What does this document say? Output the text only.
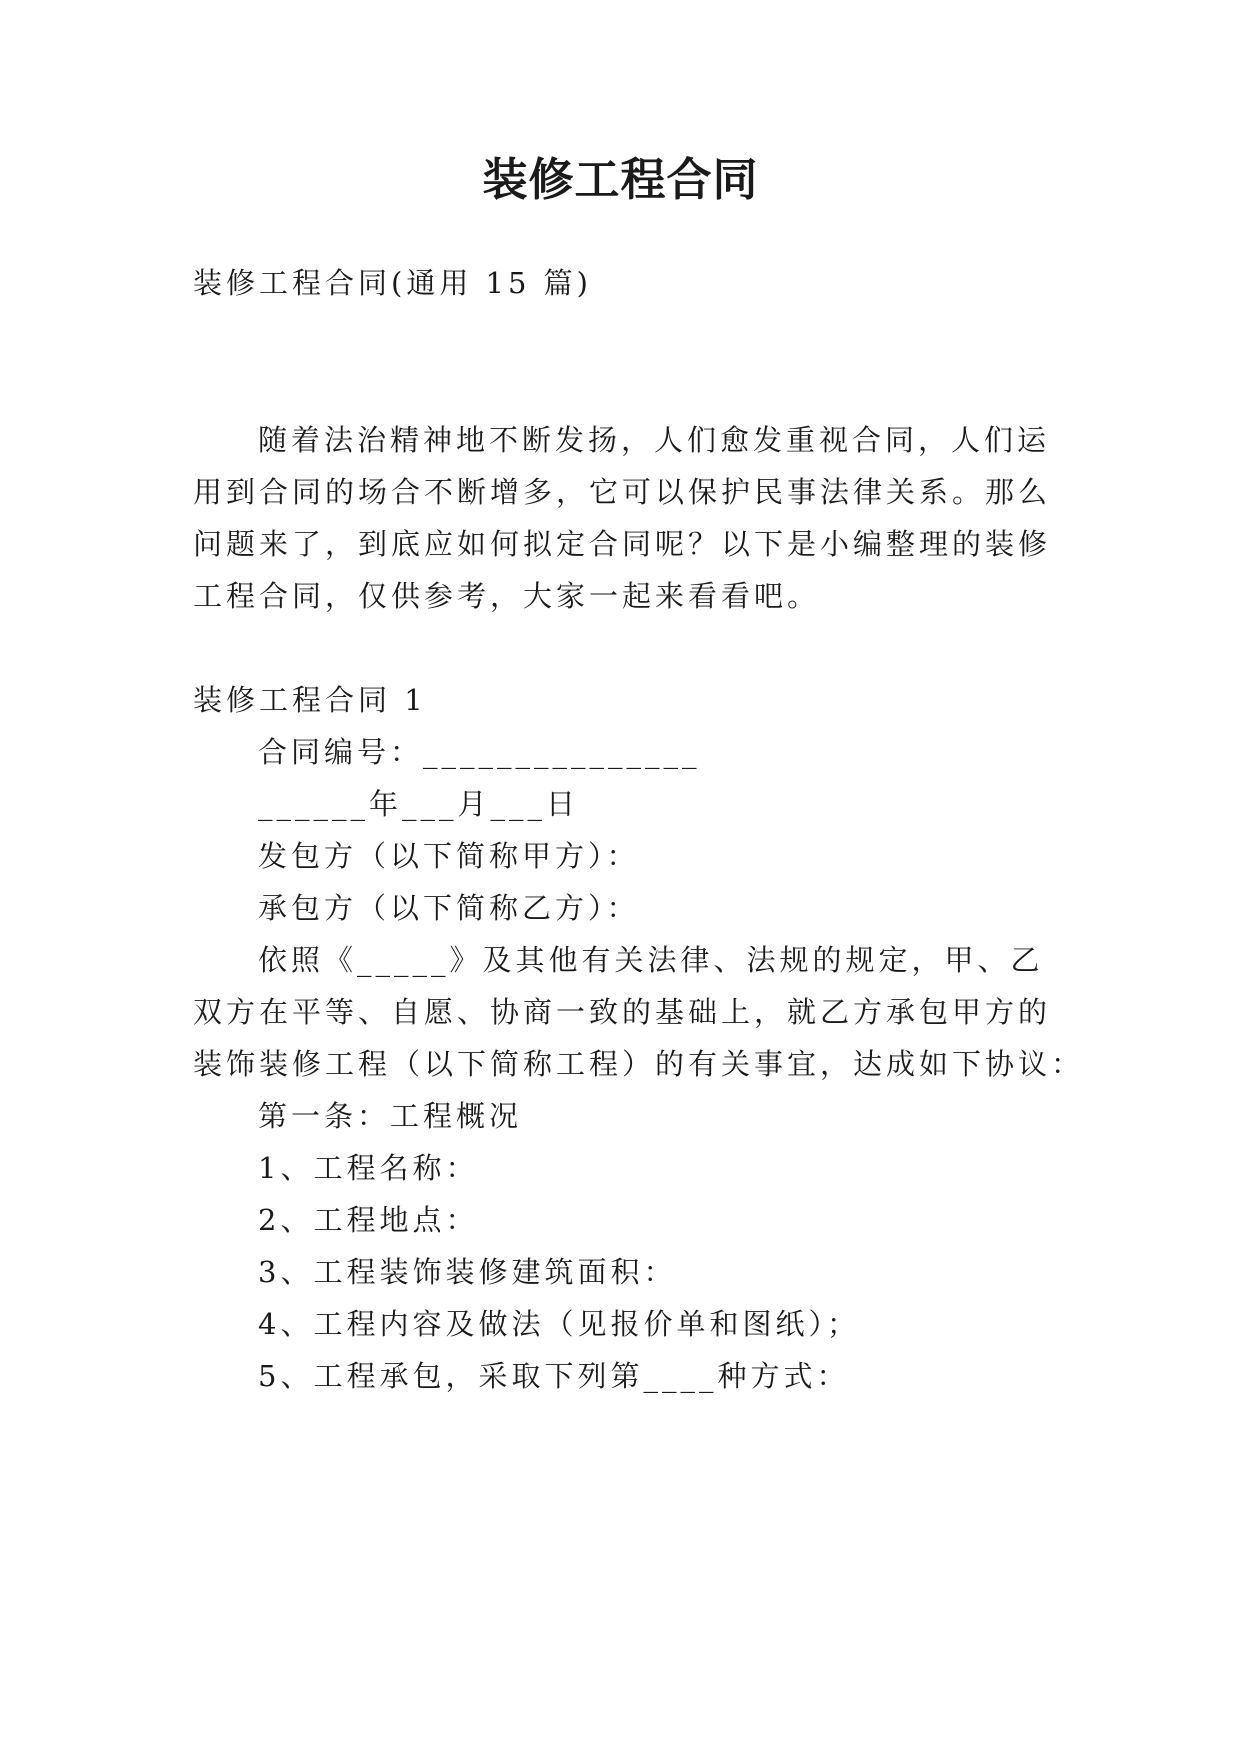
装修工程合同
装修工程合同(通用 15 篇)
随着法治精神地不断发扬，人们愈发重视合同，人们运
用到合同的场合不断增多，它可以保护民事法律关系。那么
问题来了，到底应如何拟定合同呢？以下是小编整理的装修
工程合同，仅供参考，大家一起来看看吧。
装修工程合同 1
合同编号：_______________
______年___月___日
发包方（以下简称甲方）：
承包方（以下简称乙方）：
依照《_____》及其他有关法律、法规的规定，甲、乙
双方在平等、自愿、协商一致的基础上，就乙方承包甲方的
装饰装修工程（以下简称工程）的有关事宜，达成如下协议：
第一条：工程概况
1、工程名称：
2、工程地点：
3、工程装饰装修建筑面积：
4、工程内容及做法（见报价单和图纸）；
5、工程承包，采取下列第____种方式：
